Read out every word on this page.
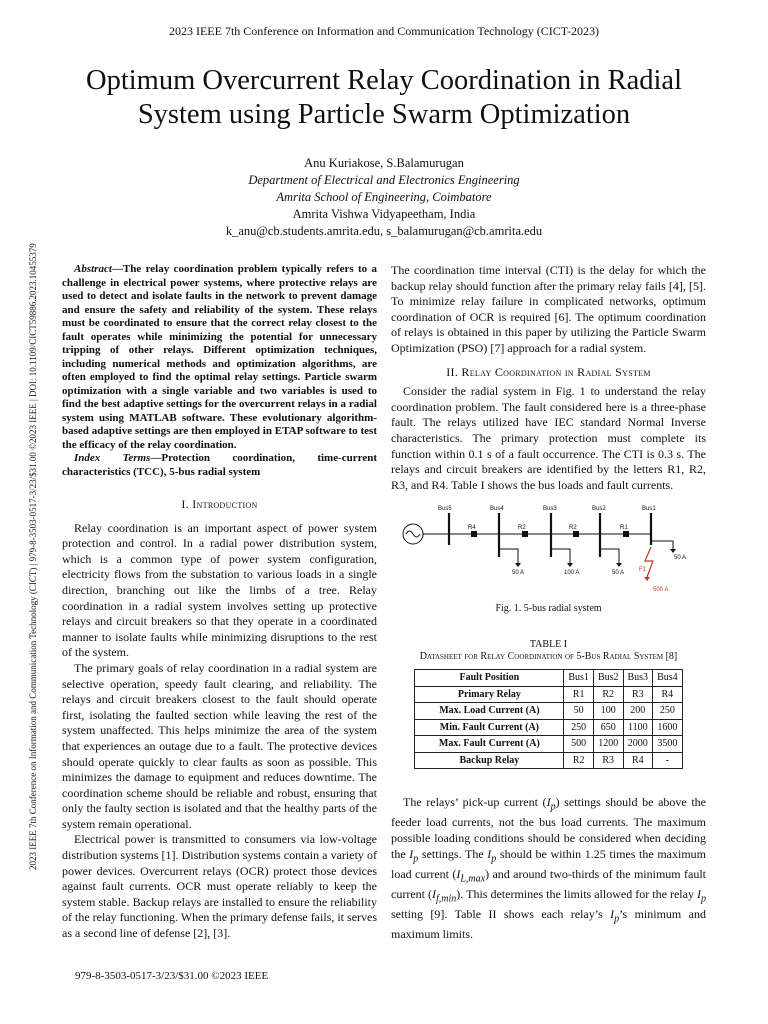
2023 IEEE 7th Conference on Information and Communication Technology (CICT-2023)
Optimum Overcurrent Relay Coordination in Radial
System using Particle Swarm Optimization
Anu Kuriakose, S.Balamurugan
Department of Electrical and Electronics Engineering
Amrita School of Engineering, Coimbatore
Amrita Vishwa Vidyapeetham, India
k_anu@cb.students.amrita.edu, s_balamurugan@cb.amrita.edu
2023 IEEE 7th Conference on Information and Communication Technology (CICT) | 979-8-3503-0517-3/23/$31.00 ©2023 IEEE | DOI: 10.1109/CICT59886.2023.10455379	Abstract—The relay coordination problem typically refers to a challenge in electrical power systems, where protective relays are used to detect and isolate faults in the network to prevent damage and ensure the safety and reliability of the system. These relays must be coordinated to ensure that the correct relay closest to the fault operates while minimizing the potential for unnecessary tripping of other relays. Different optimization techniques, including numerical methods and optimization algorithms, are often employed to find the optimal relay settings. Particle swarm optimization with a single variable and two variables is used to find the best adaptive settings for the overcurrent relays in a radial system using MATLAB software. These evolutionary algorithm-based adaptive settings are then employed in ETAP software to test the efficacy of the relay coordination.

Index Terms—Protection coordination, time-current characteristics (TCC), 5-bus radial system

I. Introduction

Relay coordination is an important aspect of power system protection and control. In a radial power distribution system, which is a common type of power system configuration, electricity flows from the substation to various loads in a single direction, branching out like the limbs of a tree. Relay coordination in a radial system involves setting up protective relays and circuit breakers so that they operate in a coordinated manner to isolate faults while minimizing disruptions to the rest of the system.

The primary goals of relay coordination in a radial system are selective operation, speedy fault clearing, and reliability. The relays and circuit breakers closest to the fault should operate first, isolating the faulted section while leaving the rest of the system unaffected. This helps minimize the area of the system that experiences an outage due to a fault. The protective devices should operate quickly to clear faults as soon as possible. This minimizes the damage to equipment and reduces downtime. The coordination scheme should be reliable and robust, ensuring that only the faulty section is isolated and that the healthy parts of the system remain operational.

Electrical power is transmitted to consumers via low-voltage distribution systems [1]. Distribution systems contain a variety of power devices. Overcurrent relays (OCR) protect those devices against fault currents. OCR must operate reliably to keep the system stable. Backup relays are installed to ensure the reliability of the relay functioning. When the primary defense fails, it serves as a second line of defense [2], [3].

The coordination time interval (CTI) is the delay for which the backup relay should function after the primary relay fails [4], [5]. To minimize relay failure in complicated networks, optimum coordination of OCR is required [6]. The optimum coordination of relays is obtained in this paper by utilizing the Particle Swarm Optimization (PSO) [7] approach for a radial system.

II. Relay Coordination in Radial System

Consider the radial system in Fig. 1 to understand the relay coordination problem. The fault considered here is a three-phase fault. The relays utilized have IEC standard Normal Inverse characteristics. The primary protection must complete its function within 0.1 s of a fault occurrence. The CTI is 0.3 s. The relays and circuit breakers are identified by the letters R1, R2, R3, and R4. Table I shows the bus loads and fault currents.

Bus5	Bus4	Bus3	Bus2	Bus1
R4	R2	R2	R1
50 A	100 A	50 A
50 A
F1
500 A
Fig. 1. 5-bus radial system
TABLE I
Datasheet for Relay Coordination of 5-Bus Radial System [8]
Fault Position	Bus1	Bus2	Bus3	Bus4
Primary Relay	R1	R2	R3	R4
Max. Load Current (A)	50	100	200	250
Min. Fault Current (A)	250	650	1100	1600
Max. Fault Current (A)	500	1200	2000	3500
Backup Relay	R2	R3	R4	-

The relays’ pick-up current $(I_p)$ settings should be above the feeder load currents, not the bus load currents. The maximum possible loading conditions should be considered when deciding the $I_p$ settings. The $I_p$ should be within 1.25 times the maximum load current $(I_{L,max})$ and around two-thirds of the minimum fault current $(I_{f,min})$. This determines the limits allowed for the relay $I_p$ setting [9]. Table II shows each relay’s $I_p’s$ minimum and maximum limits.

979-8-3503-0517-3/23/$31.00 ©2023 IEEE
